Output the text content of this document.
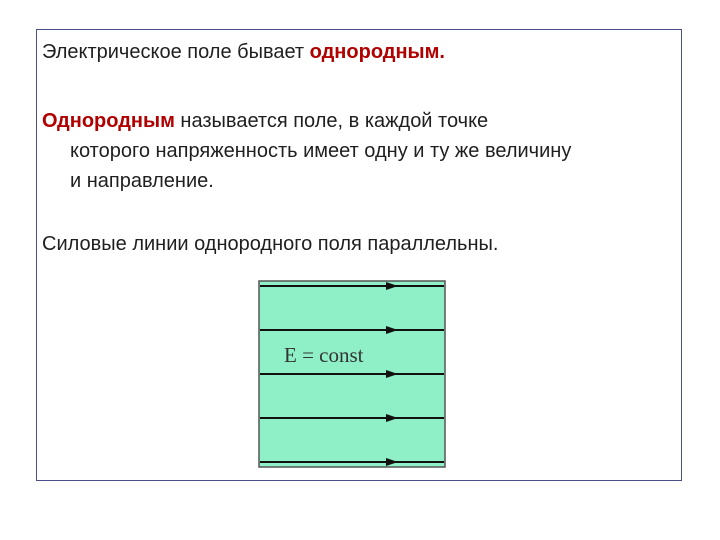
Электрическое поле бывает однородным.
Однородным называется поле, в каждой точке
которого напряженность имеет одну и ту же величину
и направление.
Силовые линии однородного поля параллельны.
E = const
